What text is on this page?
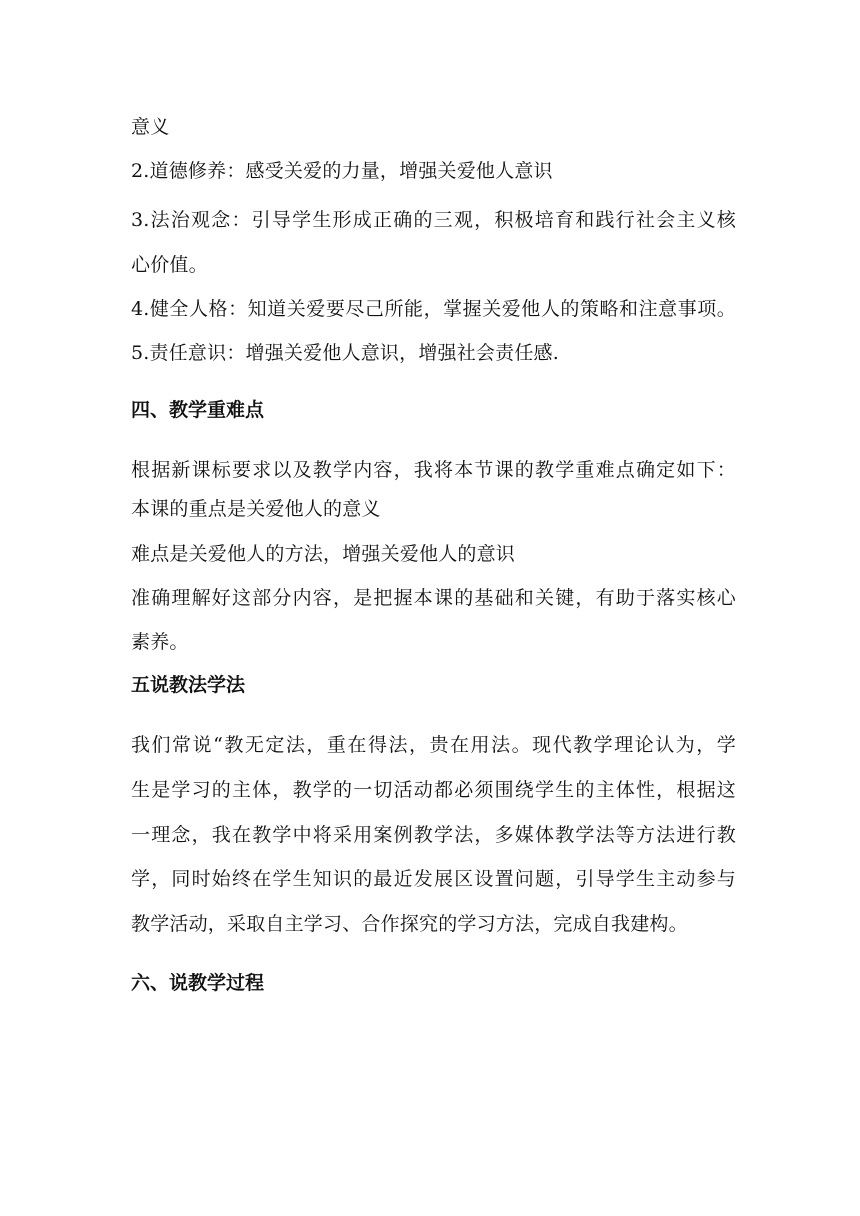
意义
2.道德修养：感受关爱的力量，增强关爱他人意识
3.法治观念：引导学生形成正确的三观，积极培育和践行社会主义核
心价值。
4.健全人格：知道关爱要尽己所能，掌握关爱他人的策略和注意事项。
5.责任意识：增强关爱他人意识，增强社会责任感.
四、教学重难点
根据新课标要求以及教学内容，我将本节课的教学重难点确定如下：
本课的重点是关爱他人的意义
难点是关爱他人的方法，增强关爱他人的意识
准确理解好这部分内容，是把握本课的基础和关键，有助于落实核心
素养。
五说教法学法
我们常说“教无定法，重在得法，贵在用法。现代教学理论认为，学
生是学习的主体，教学的一切活动都必须围绕学生的主体性，根据这
一理念，我在教学中将采用案例教学法，多媒体教学法等方法进行教
学，同时始终在学生知识的最近发展区设置问题，引导学生主动参与
教学活动，采取自主学习、合作探究的学习方法，完成自我建构。
六、说教学过程
